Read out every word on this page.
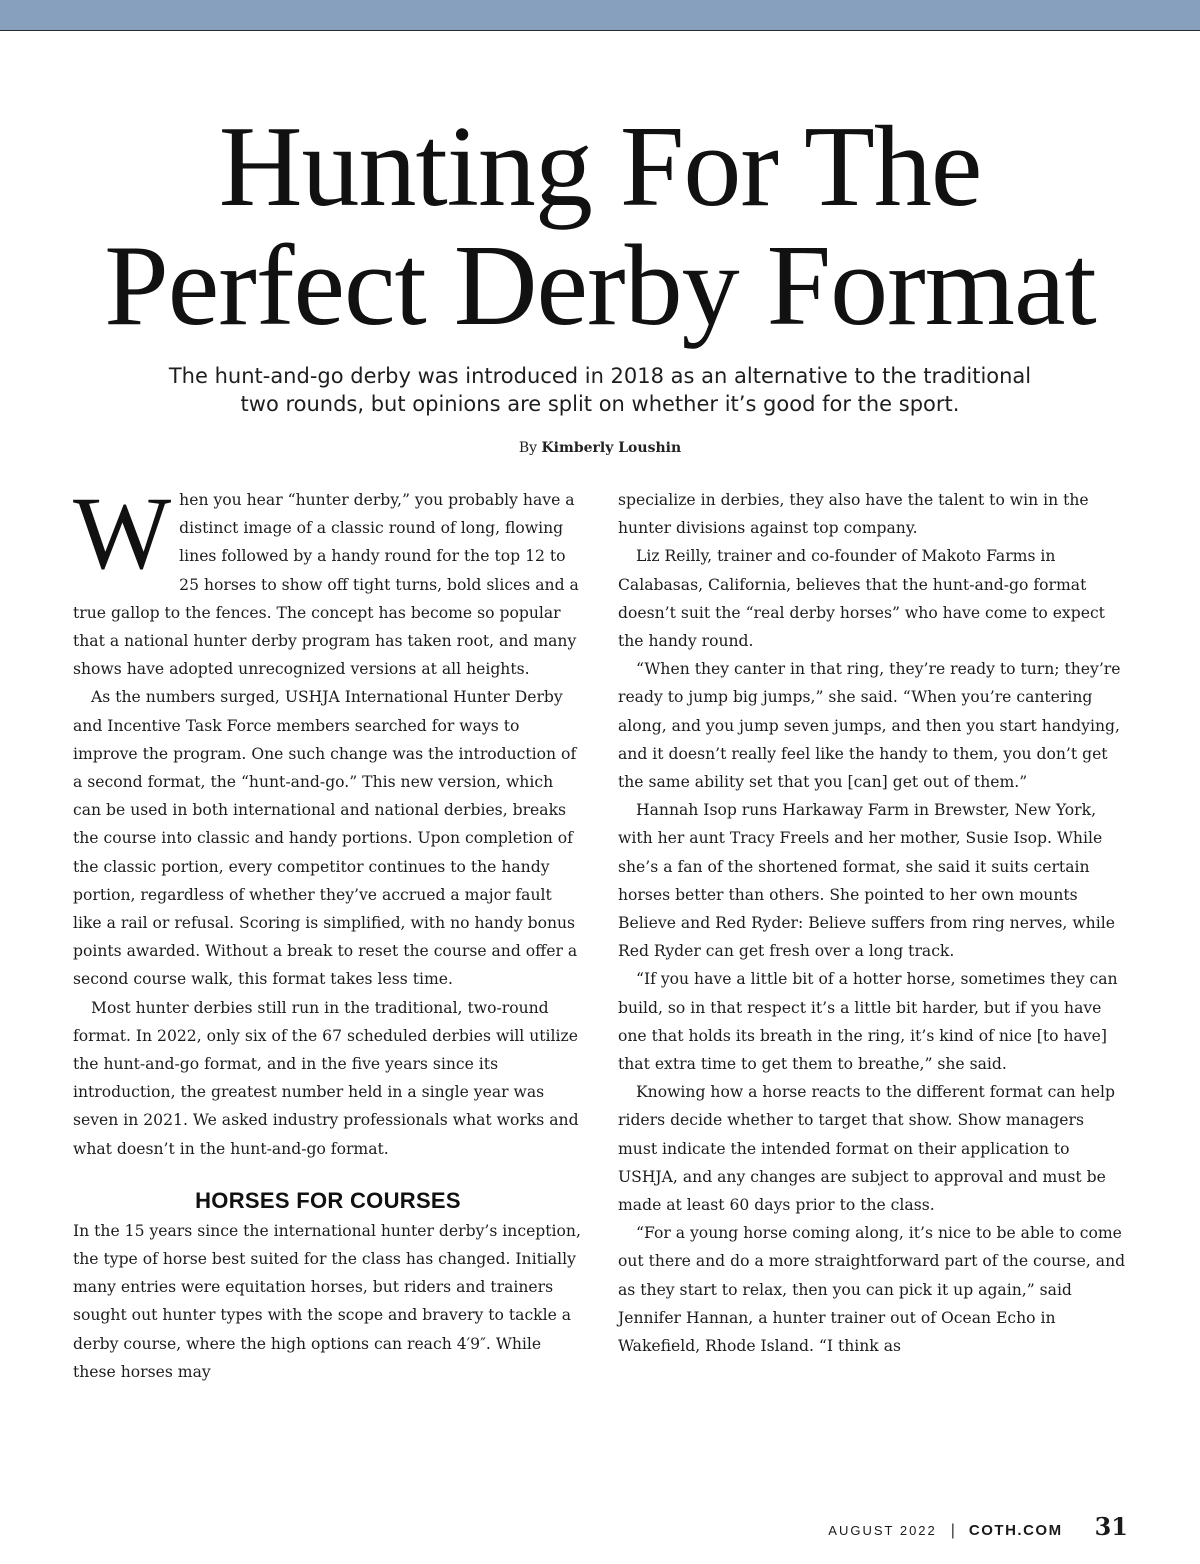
Hunting For The
Perfect Derby Format
The hunt-and-go derby was introduced in 2018 as an alternative to the traditional
two rounds, but opinions are split on whether it’s good for the sport.
By Kimberly Loushin

When you hear “hunter derby,” you probably have a distinct image of a classic round of long, flowing lines followed by a handy round for the top 12 to 25 horses to show off tight turns, bold slices and a true gallop to the fences. The concept has become so popular that a national hunter derby program has taken root, and many shows have adopted unrecognized versions at all heights.

As the numbers surged, USHJA International Hunter Derby and Incentive Task Force members searched for ways to improve the program. One such change was the introduction of a second format, the “hunt-and-go.” This new version, which can be used in both international and national derbies, breaks the course into classic and handy portions. Upon completion of the classic portion, every competitor continues to the handy portion, regardless of whether they’ve accrued a major fault like a rail or refusal. Scoring is simplified, with no handy bonus points awarded. Without a break to reset the course and offer a second course walk, this format takes less time.

Most hunter derbies still run in the traditional, two-round format. In 2022, only six of the 67 scheduled derbies will utilize the hunt-and-go format, and in the five years since its introduction, the greatest number held in a single year was seven in 2021. We asked industry professionals what works and what doesn’t in the hunt-and-go format.

HORSES FOR COURSES

In the 15 years since the international hunter derby’s inception, the type of horse best suited for the class has changed. Initially many entries were equitation horses, but riders and trainers sought out hunter types with the scope and bravery to tackle a derby course, where the high options can reach 4′9″. While these horses may

specialize in derbies, they also have the talent to win in the hunter divisions against top company.

Liz Reilly, trainer and co-founder of Makoto Farms in Calabasas, California, believes that the hunt-and-go format doesn’t suit the “real derby horses” who have come to expect the handy round.

“When they canter in that ring, they’re ready to turn; they’re ready to jump big jumps,” she said. “When you’re cantering along, and you jump seven jumps, and then you start handying, and it doesn’t really feel like the handy to them, you don’t get the same ability set that you [can] get out of them.”

Hannah Isop runs Harkaway Farm in Brewster, New York, with her aunt Tracy Freels and her mother, Susie Isop. While she’s a fan of the shortened format, she said it suits certain horses better than others. She pointed to her own mounts Believe and Red Ryder: Believe suffers from ring nerves, while Red Ryder can get fresh over a long track.

“If you have a little bit of a hotter horse, sometimes they can build, so in that respect it’s a little bit harder, but if you have one that holds its breath in the ring, it’s kind of nice [to have] that extra time to get them to breathe,” she said.

Knowing how a horse reacts to the different format can help riders decide whether to target that show. Show managers must indicate the intended format on their application to USHJA, and any changes are subject to approval and must be made at least 60 days prior to the class.

“For a young horse coming along, it’s nice to be able to come out there and do a more straightforward part of the course, and as they start to relax, then you can pick it up again,” said Jennifer Hannan, a hunter trainer out of Ocean Echo in Wakefield, Rhode Island. “I think as

AUGUST 2022 | COTH.COM 31
